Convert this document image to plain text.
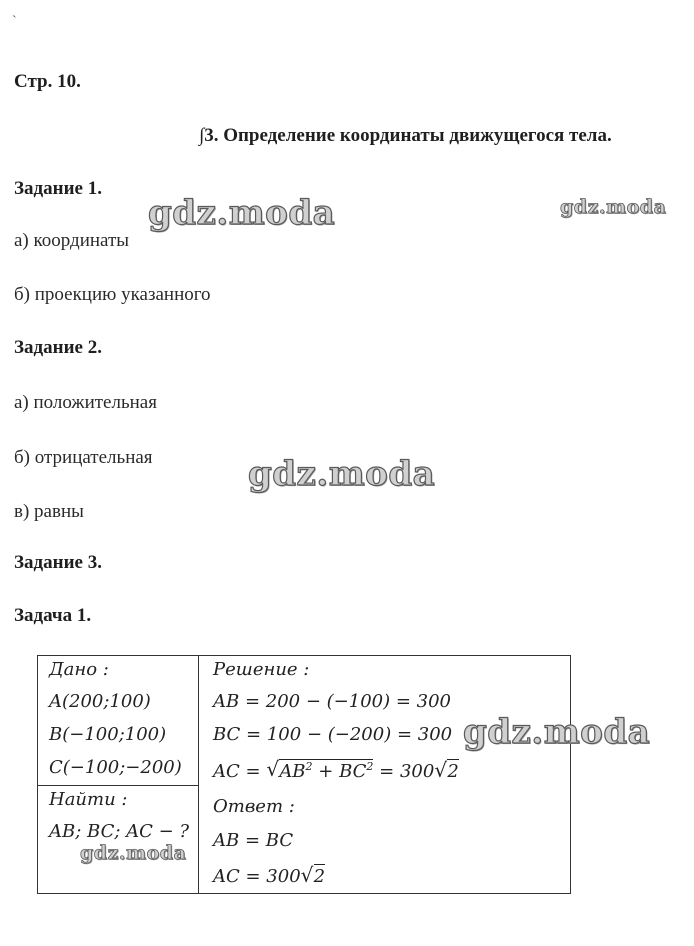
`
Стр. 10.
∫3. Определение координаты движущегося тела.
Задание 1.
а) координаты
б) проекцию указанного
Задание 2.
а) положительная
б) отрицательная
в) равны
Задание 3.
Задача 1.
Дано :
A(200;100)
B(−100;100)
C(−100;−200)
Найти :
AB; BC; AC − ?
Решение :
AB = 200 − (−100) = 300
BC = 100 − (−200) = 300
AC = √ $AB^2 + BC^2 = 300√$ 2
Ответ :
AB = BC
AC = 300√ 2
gdz.moda	gdz.moda
gdz.moda
gdz.moda
gdz.moda
